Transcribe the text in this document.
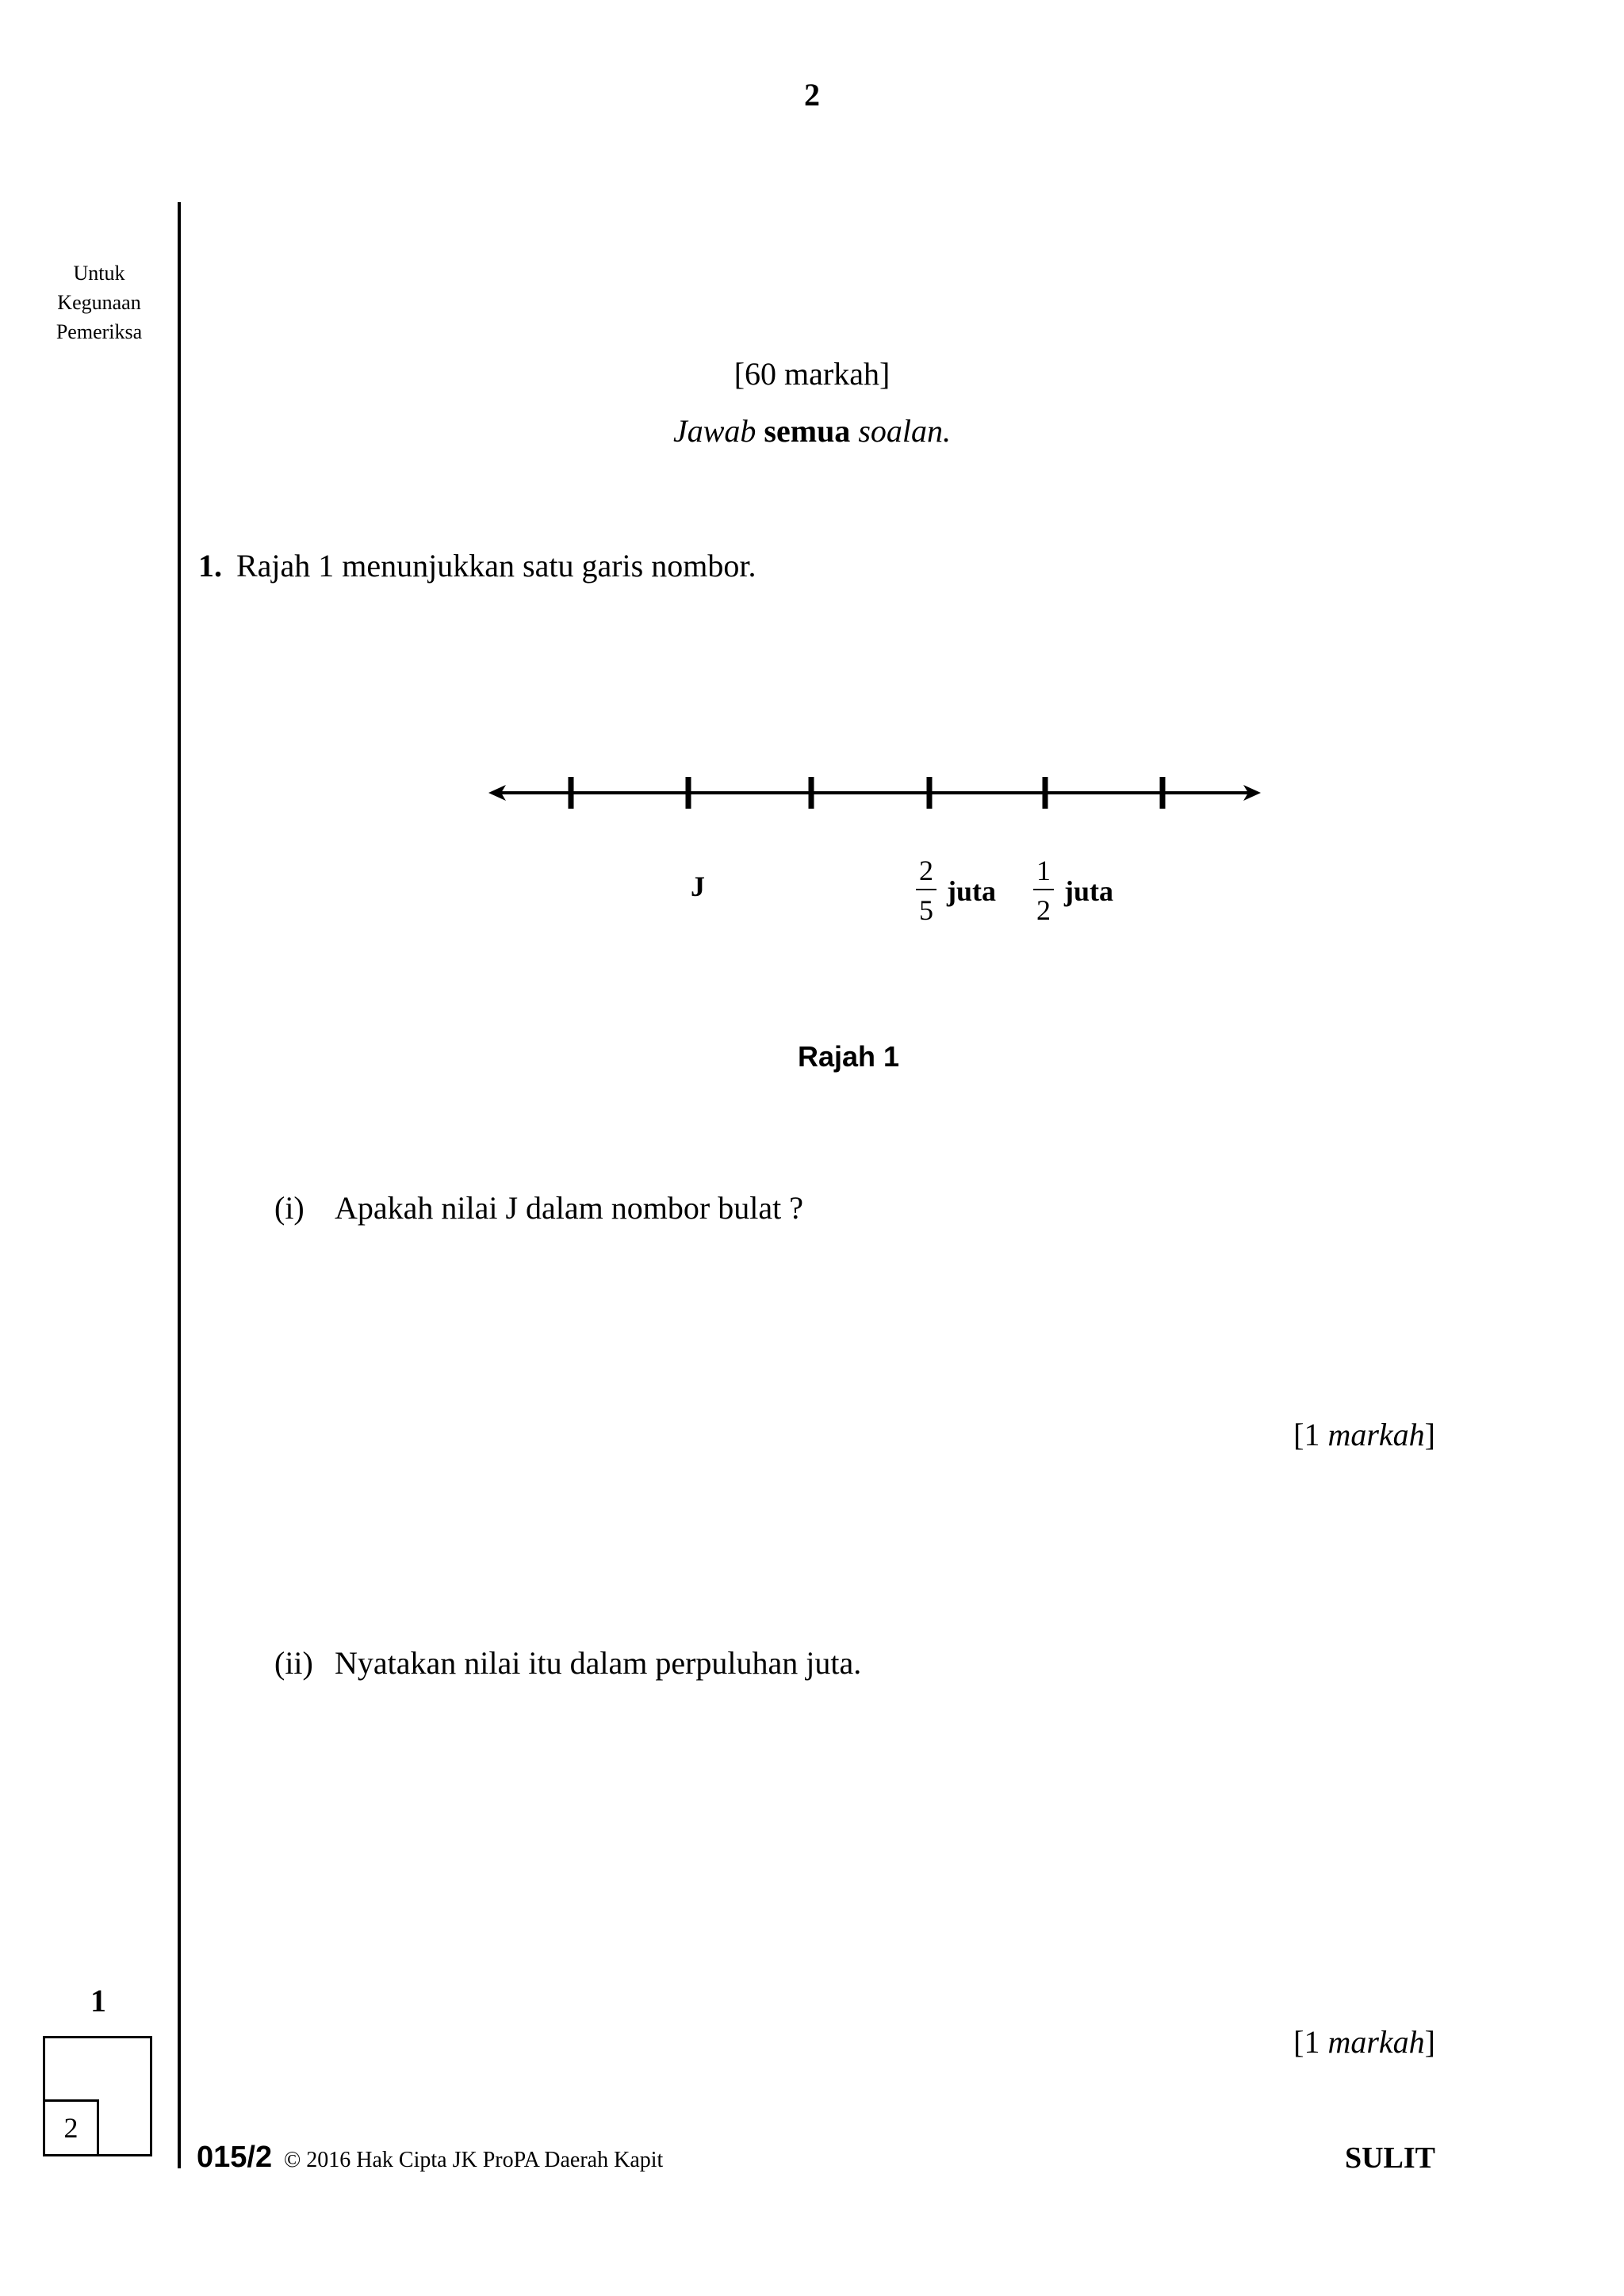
2
Untuk
Kegunaan
Pemeriksa
[60 markah]
Jawab semua soalan.
1. Rajah 1 menunjukkan satu garis nombor.
J	2
5
juta
1
2
juta
Rajah 1
(i) Apakah nilai J dalam nombor bulat ?
[1 markah]
(ii) Nyatakan nilai itu dalam perpuluhan juta.
[1 markah]
1
2
015/2 © 2016 Hak Cipta JK ProPA Daerah Kapit	SULIT
